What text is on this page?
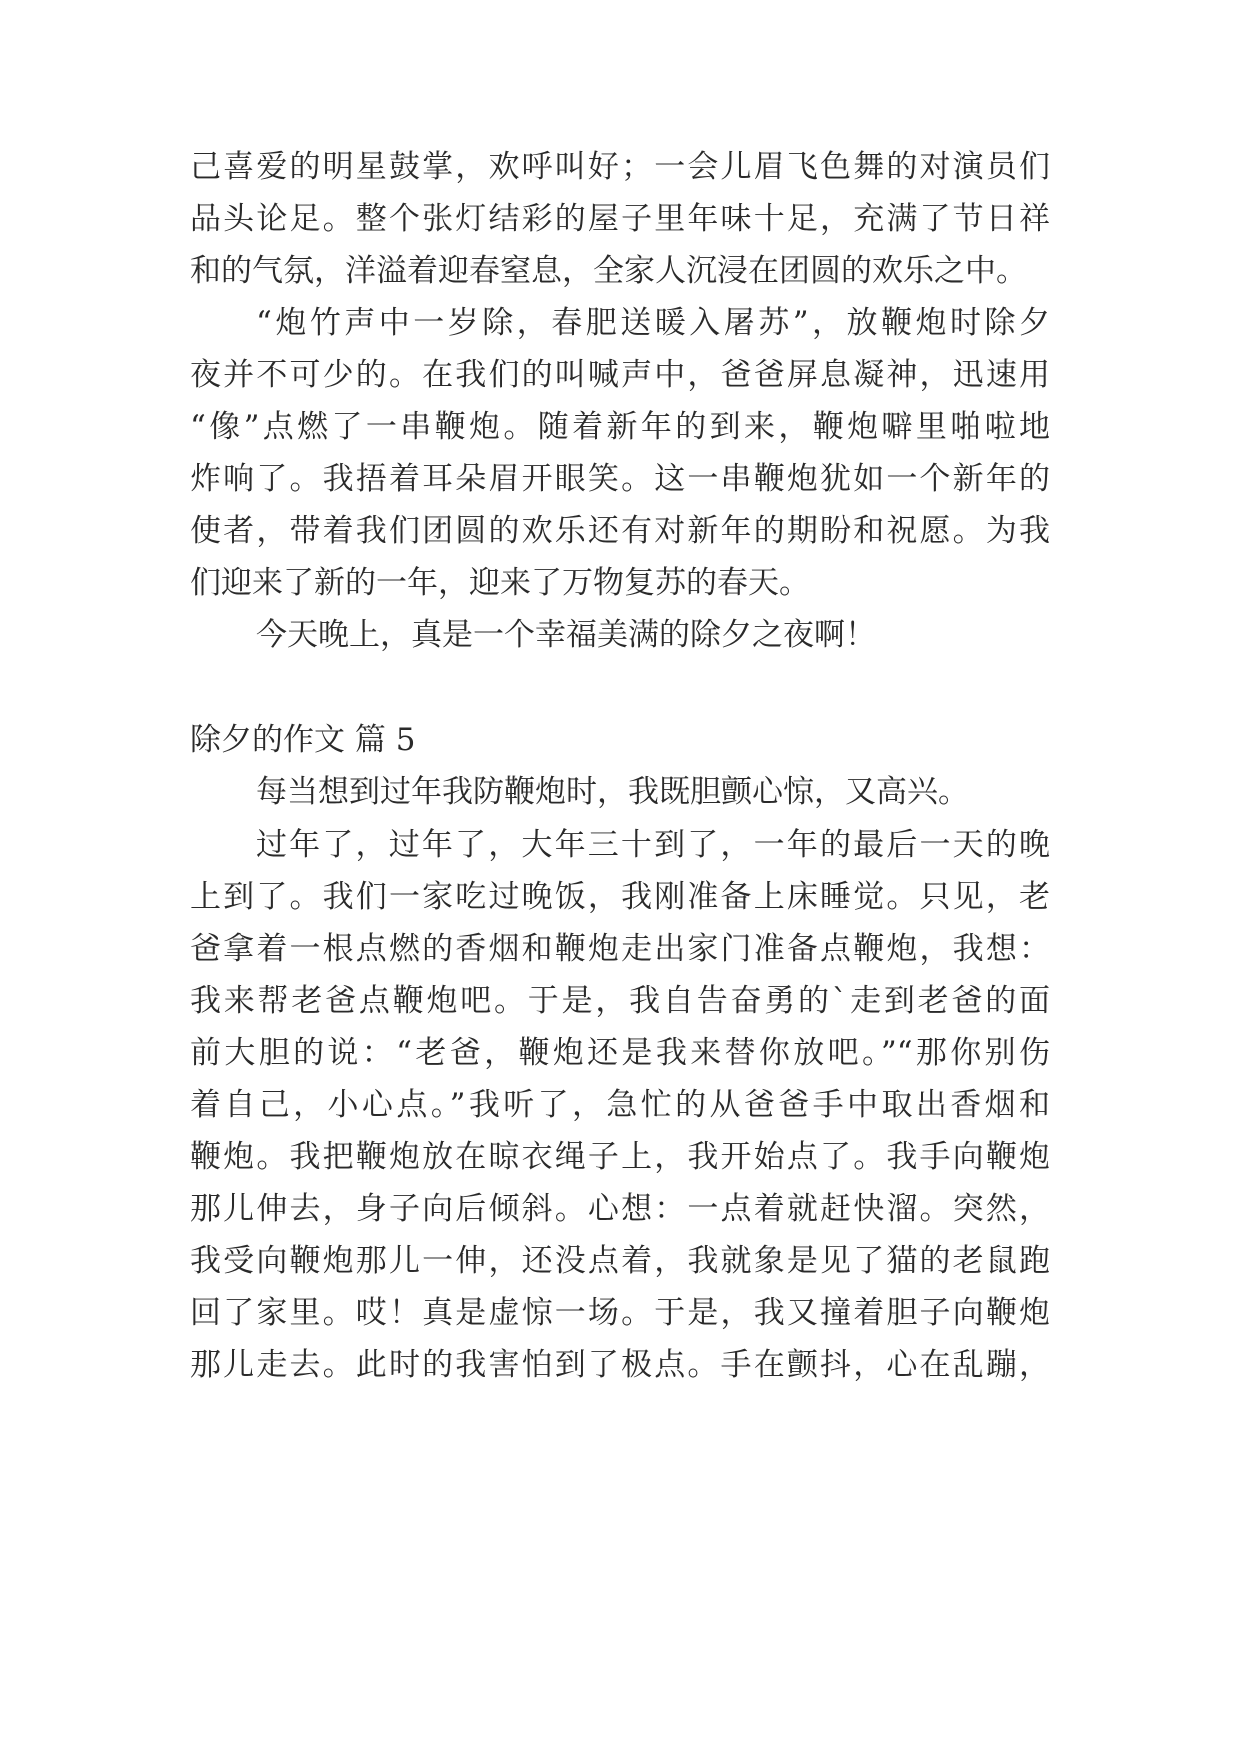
己喜爱的明星鼓掌，欢呼叫好；一会儿眉飞色舞的对演员们
品头论足。整个张灯结彩的屋子里年味十足，充满了节日祥
和的气氛，洋溢着迎春窒息，全家人沉浸在团圆的欢乐之中。
“炮竹声中一岁除，春肥送暖入屠苏”，放鞭炮时除夕
夜并不可少的。在我们的叫喊声中，爸爸屏息凝神，迅速用
“像”点燃了一串鞭炮。随着新年的到来，鞭炮噼里啪啦地
炸响了。我捂着耳朵眉开眼笑。这一串鞭炮犹如一个新年的
使者，带着我们团圆的欢乐还有对新年的期盼和祝愿。为我
们迎来了新的一年，迎来了万物复苏的春天。
今天晚上，真是一个幸福美满的除夕之夜啊！
除夕的作文 篇 5
每当想到过年我防鞭炮时，我既胆颤心惊，又高兴。
过年了，过年了，大年三十到了，一年的最后一天的晚
上到了。我们一家吃过晚饭，我刚准备上床睡觉。只见，老
爸拿着一根点燃的香烟和鞭炮走出家门准备点鞭炮，我想：
我来帮老爸点鞭炮吧。于是，我自告奋勇的`走到老爸的面
前大胆的说：“老爸，鞭炮还是我来替你放吧。”“那你别伤
着自己，小心点。”我听了，急忙的从爸爸手中取出香烟和
鞭炮。我把鞭炮放在晾衣绳子上，我开始点了。我手向鞭炮
那儿伸去，身子向后倾斜。心想：一点着就赶快溜。突然，
我受向鞭炮那儿一伸，还没点着，我就象是见了猫的老鼠跑
回了家里。哎！真是虚惊一场。于是，我又撞着胆子向鞭炮
那儿走去。此时的我害怕到了极点。手在颤抖，心在乱蹦，
